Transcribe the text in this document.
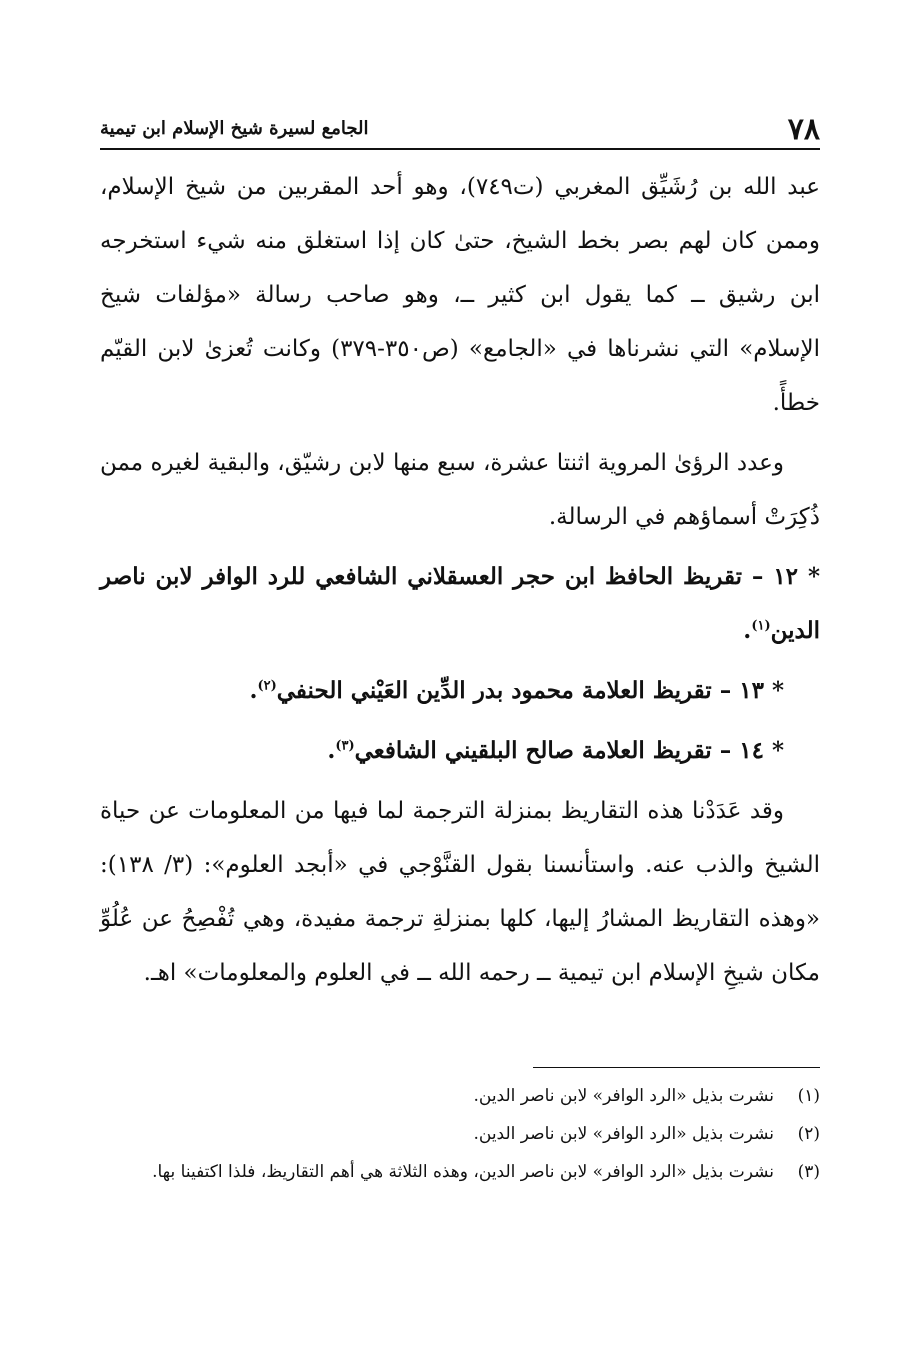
٧٨
الجامع لسيرة شيخ الإسلام ابن تيمية

عبد الله بن رُشَيِّق المغربي (ت٧٤٩)، وهو أحد المقربين من شيخ الإسلام، وممن كان لهم بصر بخط الشيخ، حتىٰ كان إذا استغلق منه شيء استخرجه ابن رشيق ــ كما يقول ابن كثير ــ، وهو صاحب رسالة «مؤلفات شيخ الإسلام» التي نشرناها في «الجامع» (ص٣٥٠-٣٧٩) وكانت تُعزىٰ لابن القيّم خطأً.

وعدد الرؤىٰ المروية اثنتا عشرة، سبع منها لابن رشيّق، والبقية لغيره ممن ذُكِرَتْ أسماؤهم في الرسالة.

* ١٢ – تقريظ الحافظ ابن حجر العسقلاني الشافعي للرد الوافر لابن ناصر الدين$^{(١)}$.

* ١٣ – تقريظ العلامة محمود بدر الدِّين العَيْني الحنفي$^{(٢)}$.

* ١٤ – تقريظ العلامة صالح البلقيني الشافعي$^{(٣)}$.

وقد عَدَدْنا هذه التقاريظ بمنزلة الترجمة لما فيها من المعلومات عن حياة الشيخ والذب عنه. واستأنسنا بقول القنَّوْجي في «أبجد العلوم»: (٣/ ١٣٨): «وهذه التقاريظ المشارُ إليها، كلها بمنزلةِ ترجمة مفيدة، وهي تُفْصِحُ عن عُلُوِّ مكان شيخِ الإسلام ابن تيمية ــ رحمه الله ــ في العلوم والمعلومات» اهـ.

(١)
نشرت بذيل «الرد الوافر» لابن ناصر الدين.
(٢)
نشرت بذيل «الرد الوافر» لابن ناصر الدين.
(٣)
نشرت بذيل «الرد الوافر» لابن ناصر الدين، وهذه الثلاثة هي أهم التقاريظ، فلذا اكتفينا بها.
